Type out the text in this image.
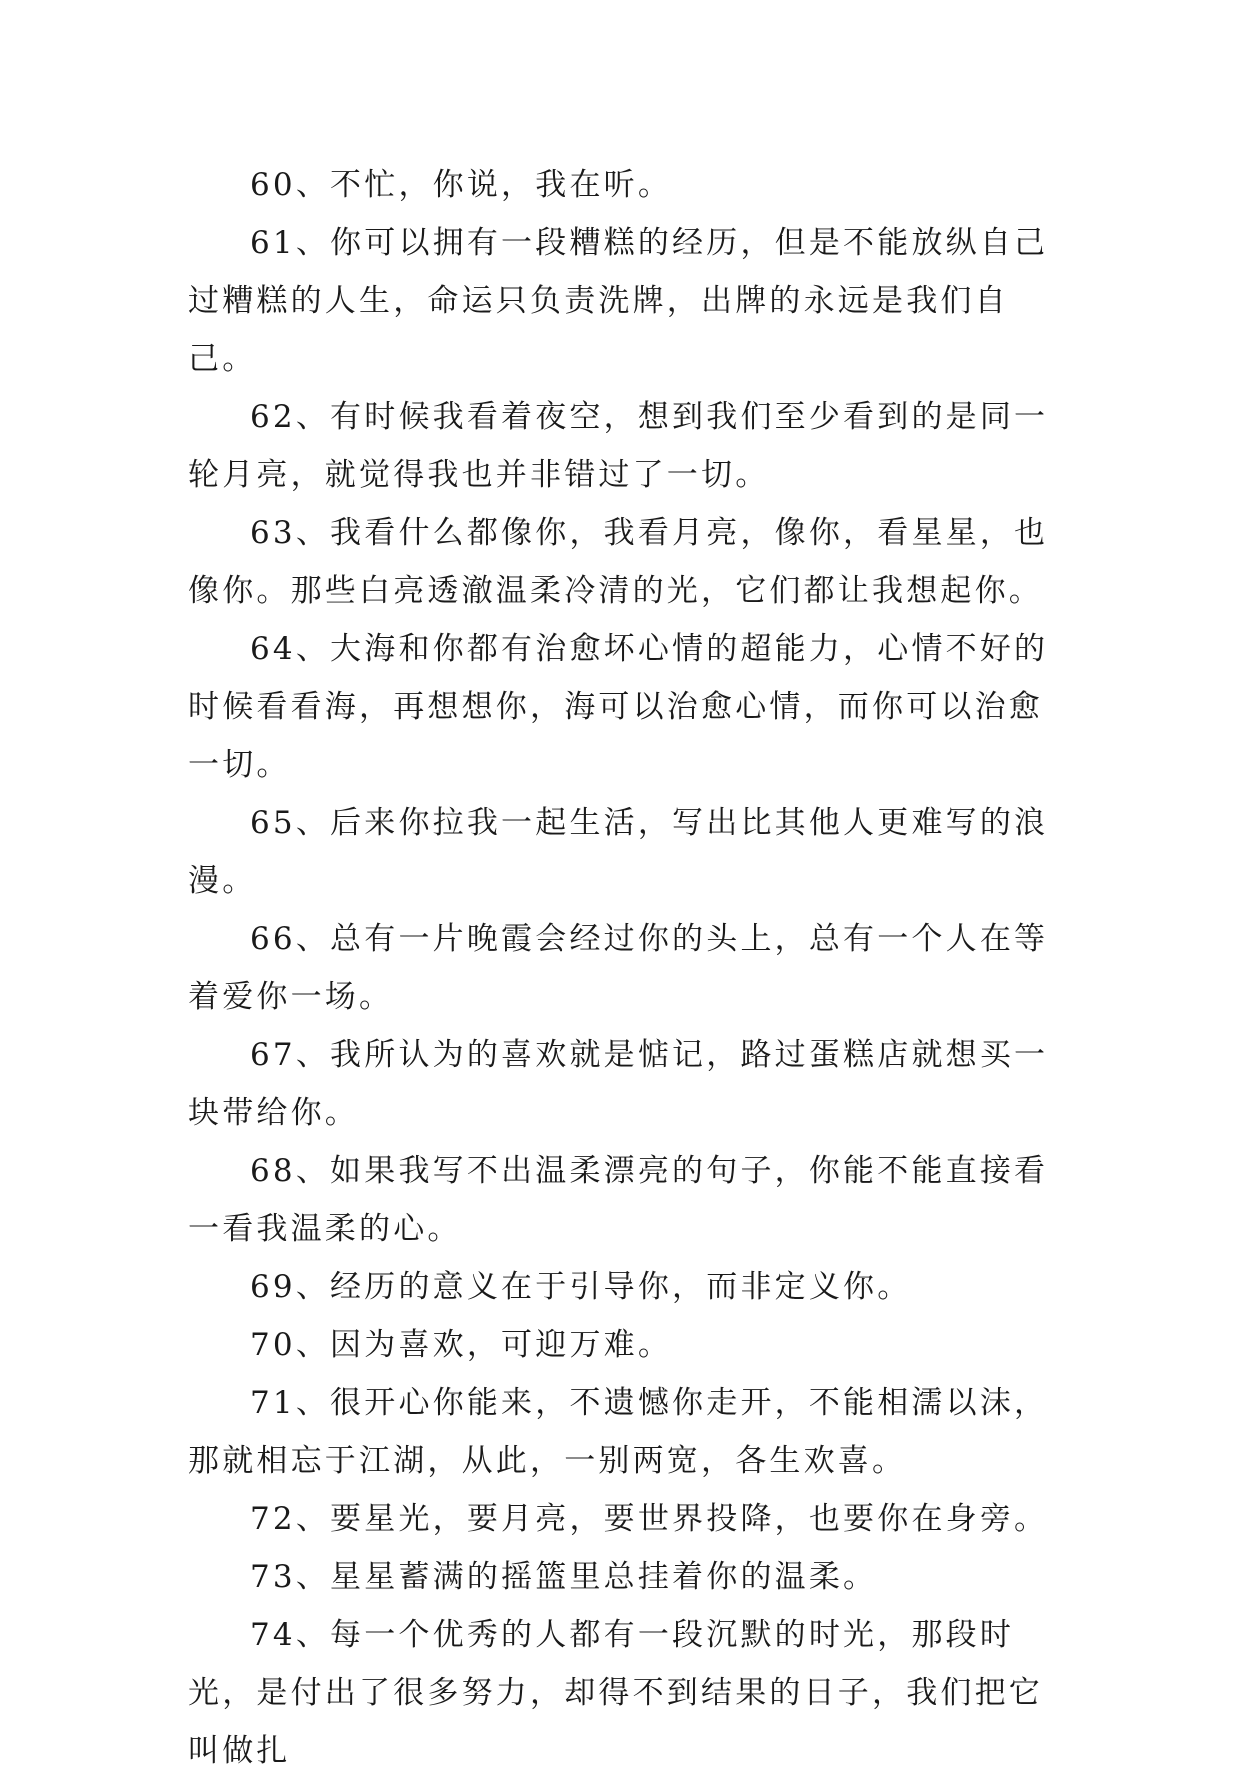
60、不忙，你说，我在听。

61、你可以拥有一段糟糕的经历，但是不能放纵自己过糟糕的人生，命运只负责洗牌，出牌的永远是我们自己。

62、有时候我看着夜空，想到我们至少看到的是同一轮月亮，就觉得我也并非错过了一切。

63、我看什么都像你，我看月亮，像你，看星星，也像你。那些白亮透澈温柔冷清的光，它们都让我想起你。

64、大海和你都有治愈坏心情的超能力，心情不好的时候看看海，再想想你，海可以治愈心情，而你可以治愈一切。

65、后来你拉我一起生活，写出比其他人更难写的浪漫。

66、总有一片晚霞会经过你的头上，总有一个人在等着爱你一场。

67、我所认为的喜欢就是惦记，路过蛋糕店就想买一块带给你。

68、如果我写不出温柔漂亮的句子，你能不能直接看一看我温柔的心。

69、经历的意义在于引导你，而非定义你。

70、因为喜欢，可迎万难。

71、很开心你能来，不遗憾你走开，不能相濡以沫，那就相忘于江湖，从此，一别两宽，各生欢喜。

72、要星光，要月亮，要世界投降，也要你在身旁。

73、星星蓄满的摇篮里总挂着你的温柔。

74、每一个优秀的人都有一段沉默的时光，那段时光，是付出了很多努力，却得不到结果的日子，我们把它叫做扎
